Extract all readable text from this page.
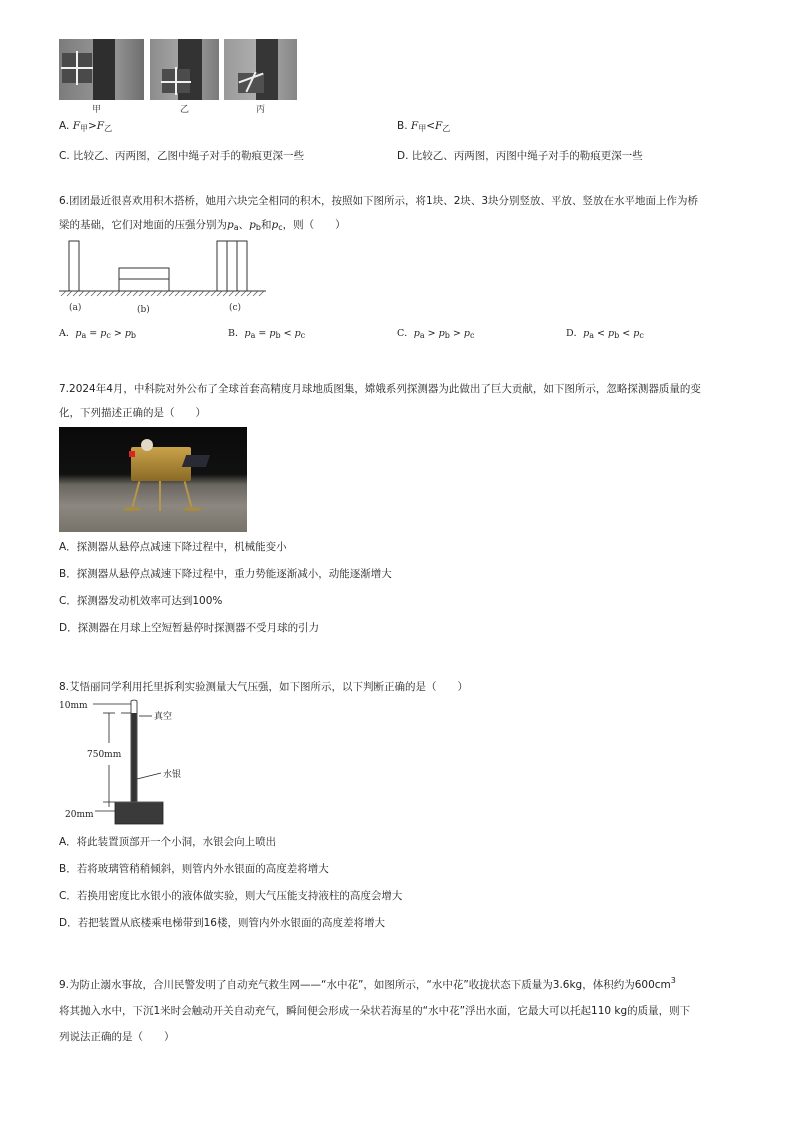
甲	乙	丙
A. $F_甲>F_乙$	B. $F_甲<F_乙$
C. 比较乙、丙两图，乙图中绳子对手的勒痕更深一些	D. 比较乙、丙两图，丙图中绳子对手的勒痕更深一些
6.团团最近很喜欢用积木搭桥，她用六块完全相同的积木，按照如下图所示，将1块、2块、3块分别竖放、平放、竖放在水平地面上作为桥
梁的基础，它们对地面的压强分别为$p_a$、$p_b$和$p_c$，则（　　）
(a)	(b)	(c)
A．$p_a = p_c > p_b$	B．$p_a = p_b < p_c$	C．$p_a > p_b > p_c$	D．$p_a < p_b < p_c$
7.2024年4月，中科院对外公布了全球首套高精度月球地质图集，嫦娥系列探测器为此做出了巨大贡献，如下图所示，忽略探测器质量的变
化，下列描述正确的是（　　）
A．探测器从悬停点减速下降过程中，机械能变小
B．探测器从悬停点减速下降过程中，重力势能逐渐减小，动能逐渐增大
C．探测器发动机效率可达到100%
D．探测器在月球上空短暂悬停时探测器不受月球的引力
8.艾悟丽同学利用托里拆利实验测量大气压强，如下图所示，以下判断正确的是（　　）
10mm
750mm
20mm
真空
水银
A．将此装置顶部开一个小洞，水银会向上喷出
B．若将玻璃管稍稍倾斜，则管内外水银面的高度差将增大
C．若换用密度比水银小的液体做实验，则大气压能支持液柱的高度会增大
D．若把装置从底楼乘电梯带到16楼，则管内外水银面的高度差将增大
9.为防止溺水事故，合川民警发明了自动充气救生网——“水中花”，如图所示，“水中花”收拢状态下质量为3.6kg，体积约为$600cm^3$
将其抛入水中，下沉1米时会触动开关自动充气，瞬间便会形成一朵状若海星的“水中花”浮出水面，它最大可以托起110 kg的质量，则下
列说法正确的是（　　）
